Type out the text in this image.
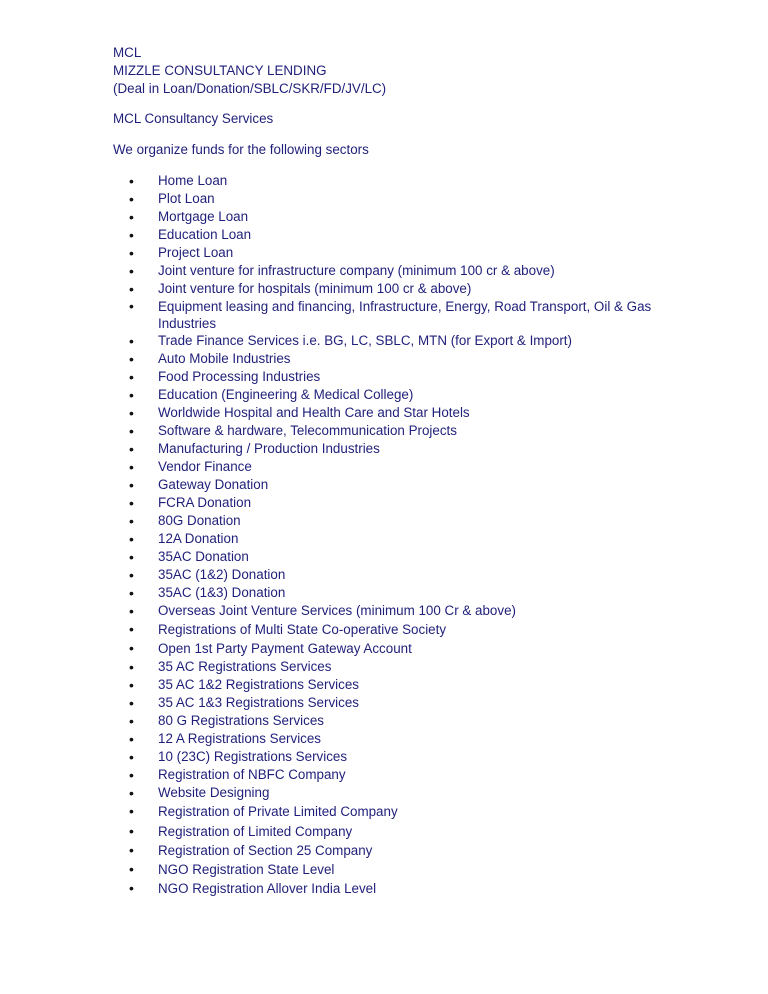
MCL
MIZZLE CONSULTANCY LENDING
(Deal in Loan/Donation/SBLC/SKR/FD/JV/LC)
MCL Consultancy Services
We organize funds for the following sectors
• Home Loan
• Plot Loan
• Mortgage Loan
• Education Loan
• Project Loan
• Joint venture for infrastructure company (minimum 100 cr & above)
• Joint venture for hospitals (minimum 100 cr & above)
• Equipment leasing and financing, Infrastructure, Energy, Road Transport, Oil & Gas Industries
• Trade Finance Services i.e. BG, LC, SBLC, MTN (for Export & Import)
• Auto Mobile Industries
• Food Processing Industries
• Education (Engineering & Medical College)
• Worldwide Hospital and Health Care and Star Hotels
• Software & hardware, Telecommunication Projects
• Manufacturing / Production Industries
• Vendor Finance
• Gateway Donation
• FCRA Donation
• 80G Donation
• 12A Donation
• 35AC Donation
• 35AC (1&2) Donation
• 35AC (1&3) Donation
• Overseas Joint Venture Services (minimum 100 Cr & above)
• Registrations of Multi State Co-operative Society
• Open 1st Party Payment Gateway Account
• 35 AC Registrations Services
• 35 AC 1&2 Registrations Services
• 35 AC 1&3 Registrations Services
• 80 G Registrations Services
• 12 A Registrations Services
• 10 (23C) Registrations Services
• Registration of NBFC Company
• Website Designing
• Registration of Private Limited Company
• Registration of Limited Company
• Registration of Section 25 Company
• NGO Registration State Level
• NGO Registration Allover India Level
